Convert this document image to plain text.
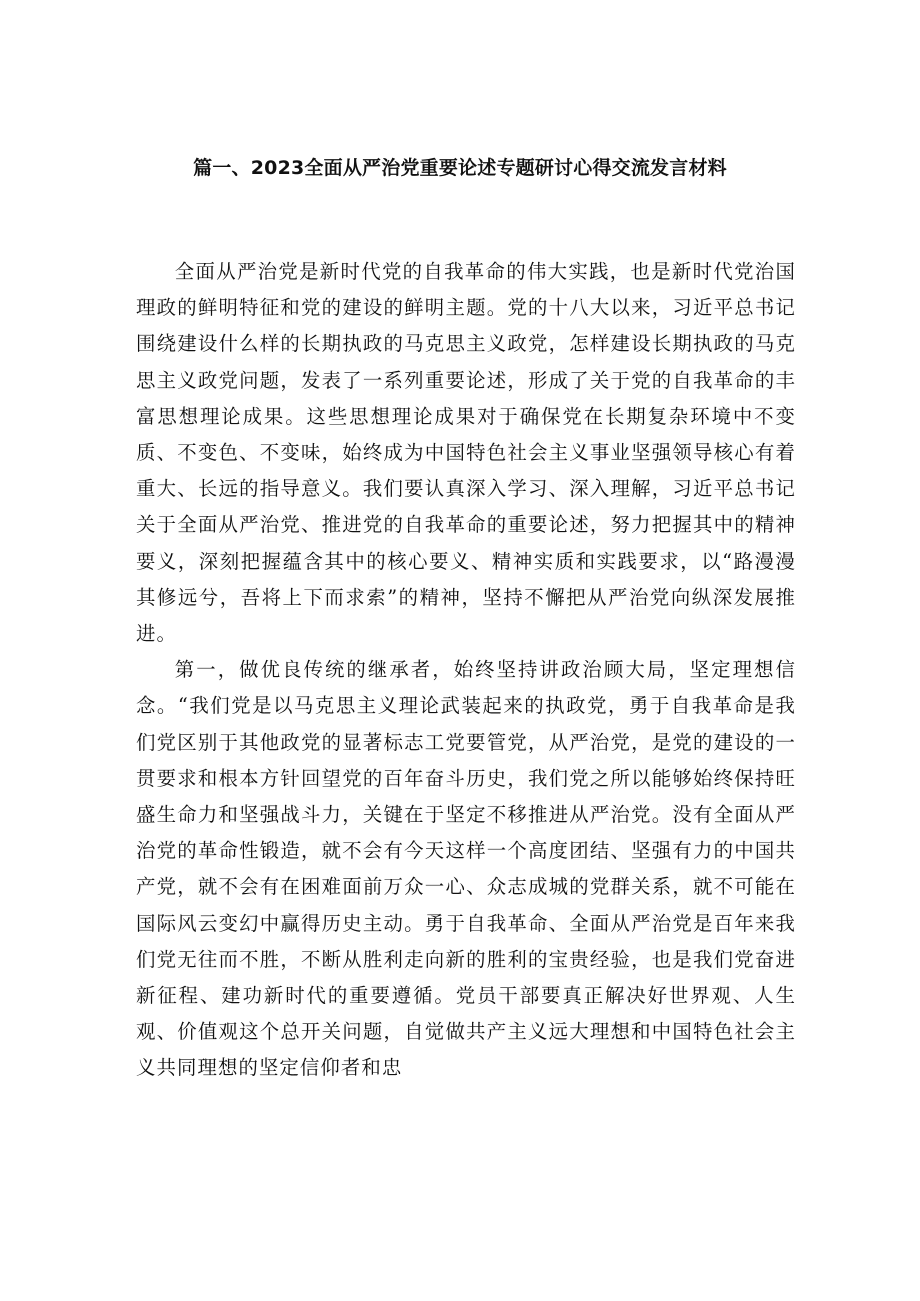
篇一、2023全面从严治党重要论述专题研讨心得交流发言材料

全面从严治党是新时代党的自我革命的伟大实践，也是新时代党治国理政的鲜明特征和党的建设的鲜明主题。党的十八大以来，习近平总书记围绕建设什么样的长期执政的马克思主义政党，怎样建设长期执政的马克思主义政党问题，发表了一系列重要论述，形成了关于党的自我革命的丰富思想理论成果。这些思想理论成果对于确保党在长期复杂环境中不变质、不变色、不变味，始终成为中国特色社会主义事业坚强领导核心有着重大、长远的指导意义。我们要认真深入学习、深入理解，习近平总书记关于全面从严治党、推进党的自我革命的重要论述，努力把握其中的精神要义，深刻把握蕴含其中的核心要义、精神实质和实践要求，以“路漫漫其修远兮，吾将上下而求索”的精神，坚持不懈把从严治党向纵深发展推进。

第一，做优良传统的继承者，始终坚持讲政治顾大局，坚定理想信念。“我们党是以马克思主义理论武装起来的执政党，勇于自我革命是我们党区别于其他政党的显著标志工党要管党，从严治党，是党的建设的一贯要求和根本方针回望党的百年奋斗历史，我们党之所以能够始终保持旺盛生命力和坚强战斗力，关键在于坚定不移推进从严治党。没有全面从严治党的革命性锻造，就不会有今天这样一个高度团结、坚强有力的中国共产党，就不会有在困难面前万众一心、众志成城的党群关系，就不可能在国际风云变幻中赢得历史主动。勇于自我革命、全面从严治党是百年来我们党无往而不胜，不断从胜利走向新的胜利的宝贵经验，也是我们党奋进新征程、建功新时代的重要遵循。党员干部要真正解决好世界观、人生观、价值观这个总开关问题，自觉做共产主义远大理想和中国特色社会主义共同理想的坚定信仰者和忠
